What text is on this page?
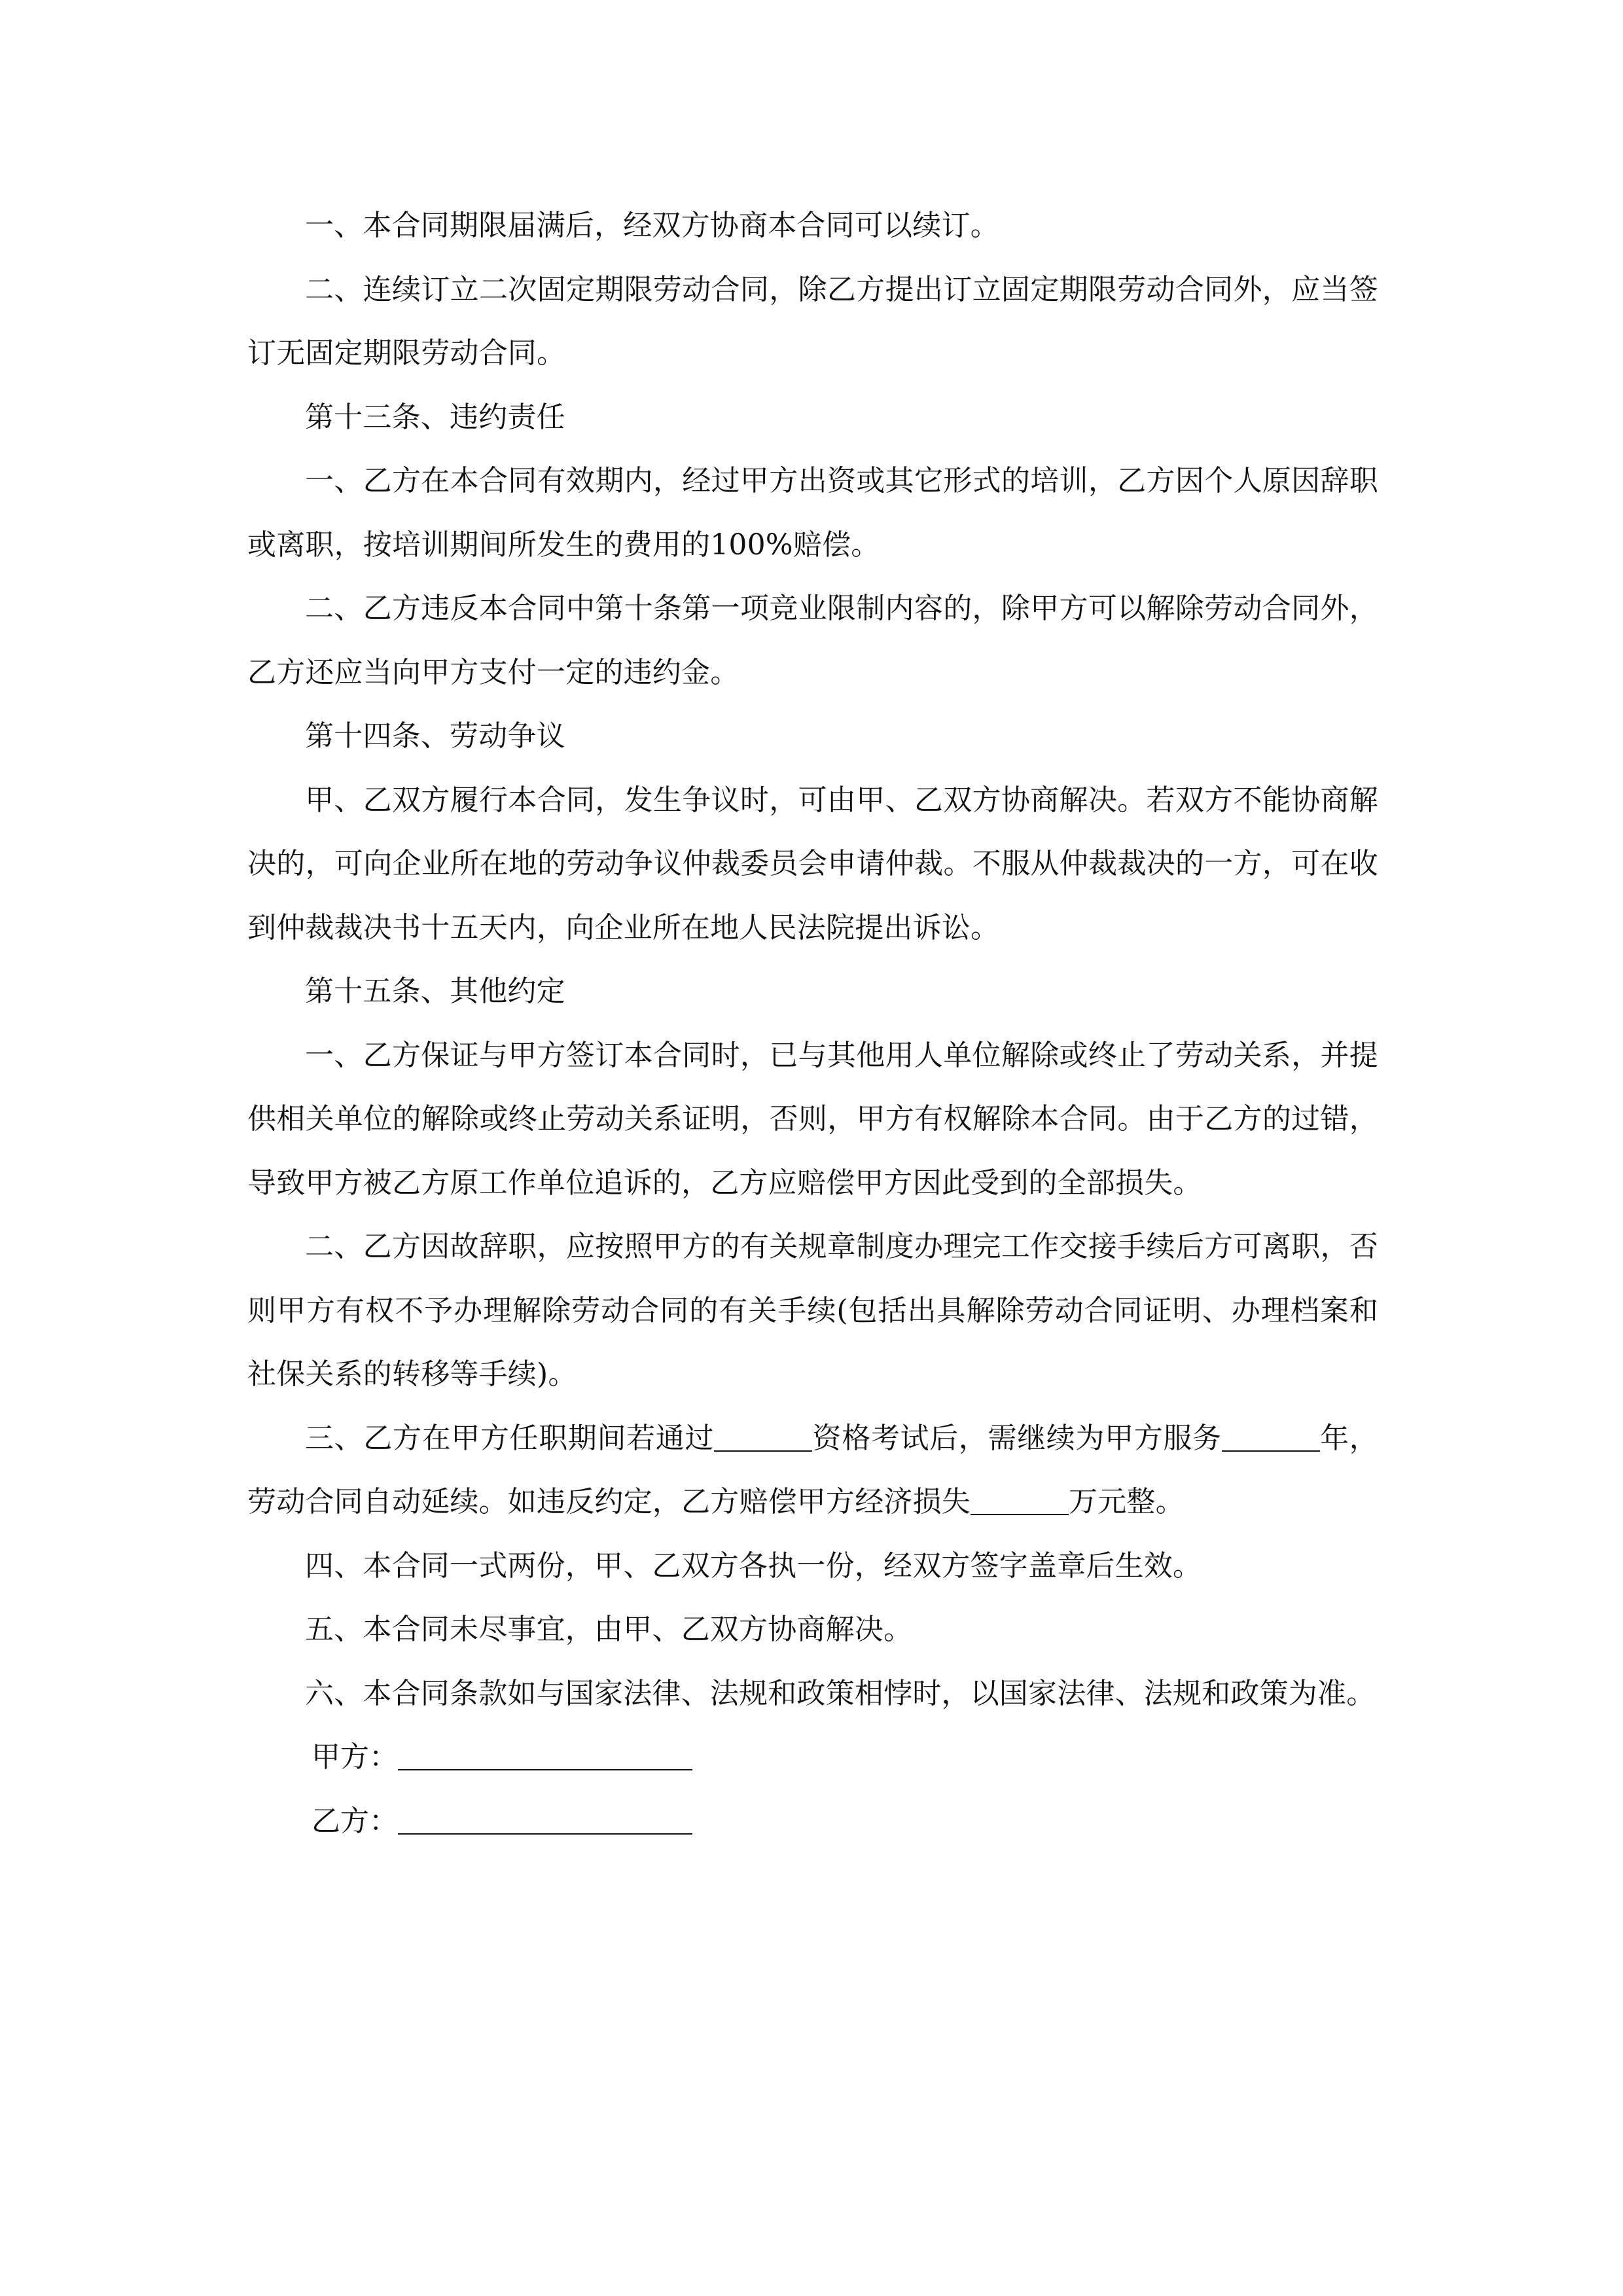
一、本合同期限届满后，经双方协商本合同可以续订。

二、连续订立二次固定期限劳动合同，除乙方提出订立固定期限劳动合同外，应当签订无固定期限劳动合同。

第十三条、违约责任

一、乙方在本合同有效期内，经过甲方出资或其它形式的培训，乙方因个人原因辞职或离职，按培训期间所发生的费用的100%赔偿。

二、乙方违反本合同中第十条第一项竞业限制内容的，除甲方可以解除劳动合同外，乙方还应当向甲方支付一定的违约金。

第十四条、劳动争议

甲、乙双方履行本合同，发生争议时，可由甲、乙双方协商解决。若双方不能协商解决的，可向企业所在地的劳动争议仲裁委员会申请仲裁。不服从仲裁裁决的一方，可在收到仲裁裁决书十五天内，向企业所在地人民法院提出诉讼。

第十五条、其他约定

一、乙方保证与甲方签订本合同时，已与其他用人单位解除或终止了劳动关系，并提供相关单位的解除或终止劳动关系证明，否则，甲方有权解除本合同。由于乙方的过错，导致甲方被乙方原工作单位追诉的，乙方应赔偿甲方因此受到的全部损失。

二、乙方因故辞职，应按照甲方的有关规章制度办理完工作交接手续后方可离职，否则甲方有权不予办理解除劳动合同的有关手续(包括出具解除劳动合同证明、办理档案和社保关系的转移等手续)。

三、乙方在甲方任职期间若通过	资格考试后，需继续为甲方服务	年，劳动合同自动延续。如违反约定，乙方赔偿甲方经济损失	万元整。

四、本合同一式两份，甲、乙双方各执一份，经双方签字盖章后生效。

五、本合同未尽事宜，由甲、乙双方协商解决。

六、本合同条款如与国家法律、法规和政策相悖时，以国家法律、法规和政策为准。

甲方：

乙方：
